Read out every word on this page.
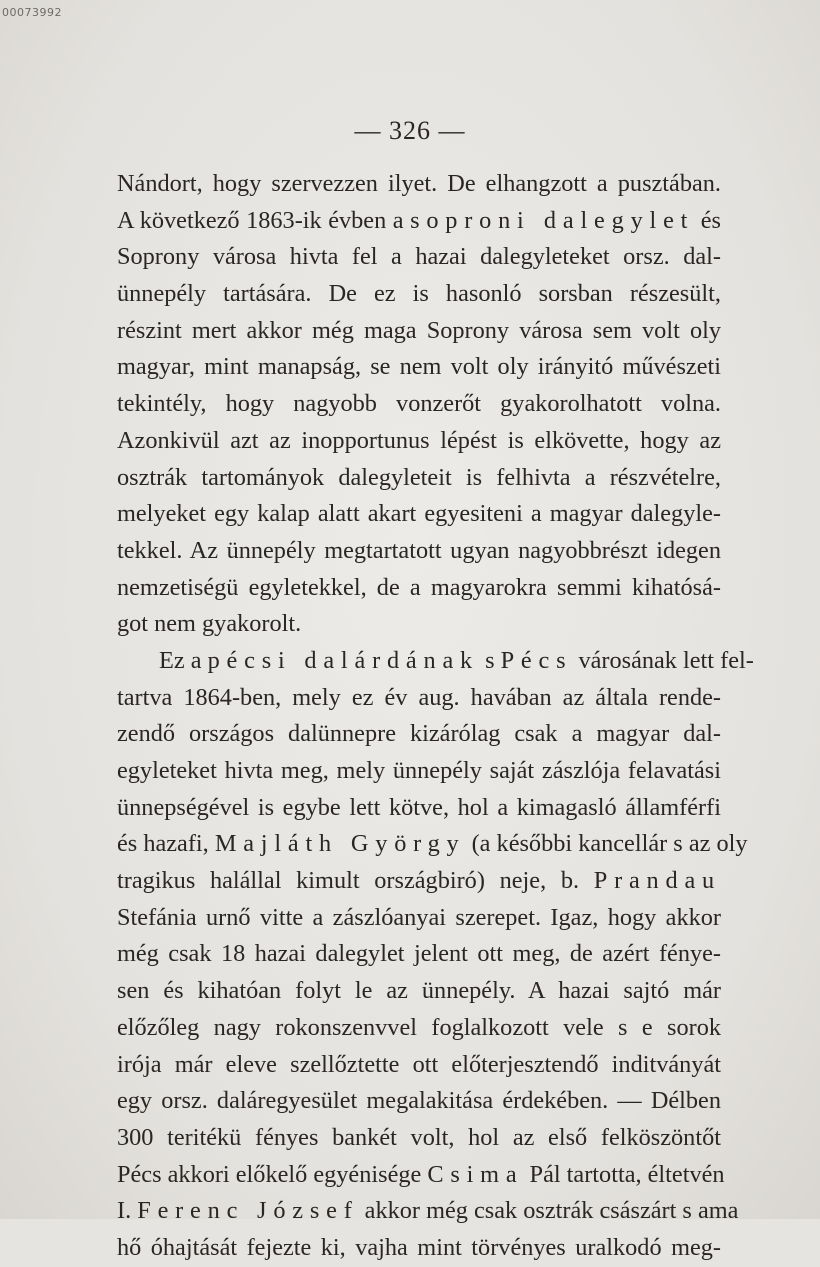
00073992
— 326 —
Nándort, hogy szervezzen ilyet. De elhangzott a pusztában.
A következő 1863-ik évben a soproni dalegylet és
Soprony városa hivta fel a hazai dalegyleteket orsz. dal-
ünnepély tartására. De ez is hasonló sorsban részesült,
részint mert akkor még maga Soprony városa sem volt oly
magyar, mint manapság, se nem volt oly irányitó művészeti
tekintély, hogy nagyobb vonzerőt gyakorolhatott volna.
Azonkivül azt az inopportunus lépést is elkövette, hogy az
osztrák tartományok dalegyleteit is felhivta a részvételre,
melyeket egy kalap alatt akart egyesiteni a magyar dalegyle-
tekkel. Az ünnepély megtartatott ugyan nagyobbrészt idegen
nemzetiségü egyletekkel, de a magyarokra semmi kihatósá-
got nem gyakorolt.
Ez a pécsi dalárdának s Pécs városának lett fel-
tartva 1864-ben, mely ez év aug. havában az általa rende-
zendő országos dalünnepre kizárólag csak a magyar dal-
egyleteket hivta meg, mely ünnepély saját zászlója felavatási
ünnepségével is egybe lett kötve, hol a kimagasló államférfi
és hazafi, Majláth György (a későbbi kancellár s az oly
tragikus halállal kimult országbiró) neje, b. Prandau
Stefánia urnő vitte a zászlóanyai szerepet. Igaz, hogy akkor
még csak 18 hazai dalegylet jelent ott meg, de azért fénye-
sen és kihatóan folyt le az ünnepély. A hazai sajtó már
előzőleg nagy rokonszenvvel foglalkozott vele s e sorok
irója már eleve szellőztette ott előterjesztendő inditványát
egy orsz. daláregyesület megalakitása érdekében. — Délben
300 teritékü fényes bankét volt, hol az első felköszöntőt
Pécs akkori előkelő egyénisége Csima Pál tartotta, éltetvén
I. Ferenc József akkor még csak osztrák császárt s ama
hő óhajtását fejezte ki, vajha mint törvényes uralkodó meg-
